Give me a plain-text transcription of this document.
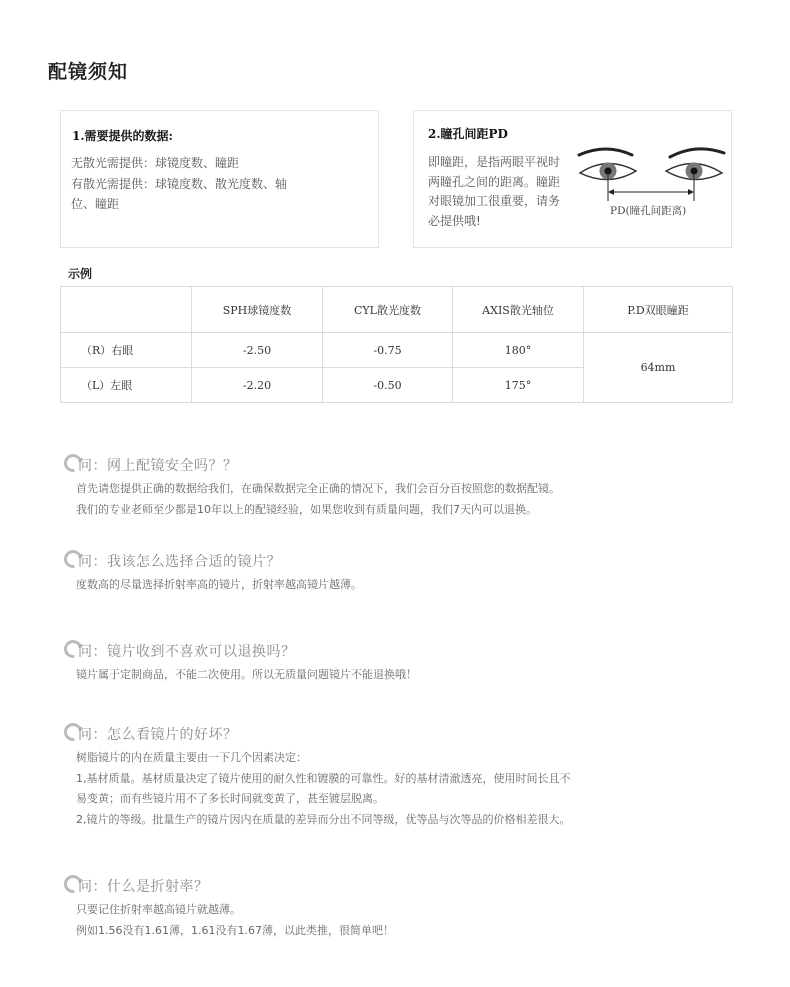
配镜须知
1.需要提供的数据:
无散光需提供：球镜度数、瞳距
有散光需提供：球镜度数、散光度数、轴位、瞳距
2.瞳孔间距PD
即瞳距，是指两眼平视时两瞳孔之间的距离。瞳距对眼镜加工很重要，请务必提供哦!
PD(瞳孔间距离)
示例
	SPH球镜度数	CYL散光度数	AXIS散光轴位	P.D双眼瞳距
（R）右眼	-2.50	-0.75	180°	64mm
（L）左眼	-2.20	-0.50	175°	
问：网上配镜安全吗？？
首先请您提供正确的数据给我们，在确保数据完全正确的情况下，我们会百分百按照您的数据配镜。
我们的专业老师至少都是10年以上的配镜经验，如果您收到有质量问题，我们7天内可以退换。
问：我该怎么选择合适的镜片？
度数高的尽量选择折射率高的镜片，折射率越高镜片越薄。
问：镜片收到不喜欢可以退换吗？
镜片属于定制商品，不能二次使用。所以无质量问题镜片不能退换哦！
问：怎么看镜片的好坏？
树脂镜片的内在质量主要由一下几个因素决定：
1,基材质量。基材质量决定了镜片使用的耐久性和镀膜的可靠性。好的基材清澈透亮，使用时间长且不
易变黄；而有些镜片用不了多长时间就变黄了，甚至镀层脱离。
2,镜片的等级。批量生产的镜片因内在质量的差异而分出不同等级，优等品与次等品的价格相差很大。
问：什么是折射率？
只要记住折射率越高镜片就越薄。
例如1.56没有1.61薄，1.61没有1.67薄，以此类推，很简单吧！
